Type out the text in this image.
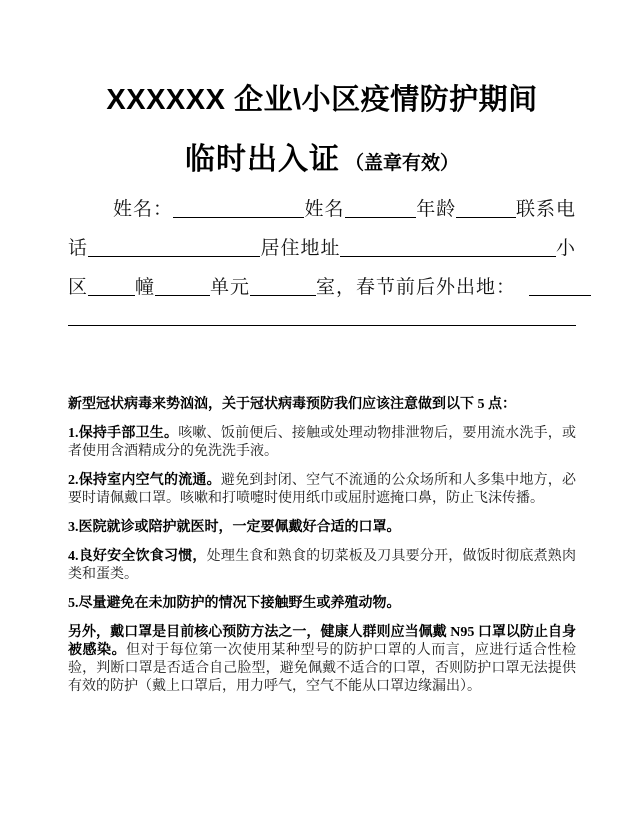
XXXXXX 企业\小区疫情防护期间
临时出入证 （盖章有效）
姓名：	姓名	年龄	联系电
话	居住地址	小
区 幢	单元	室，春节前后外出地：

新型冠状病毒来势汹汹，关于冠状病毒预防我们应该注意做到以下 5 点：

1.保持手部卫生。咳嗽、饭前便后、接触或处理动物排泄物后，要用流水洗手，或者使用含酒精成分的免洗洗手液。

2.保持室内空气的流通。避免到封闭、空气不流通的公众场所和人多集中地方，必要时请佩戴口罩。咳嗽和打喷嚏时使用纸巾或屈肘遮掩口鼻，防止飞沫传播。

3.医院就诊或陪护就医时，一定要佩戴好合适的口罩。

4.良好安全饮食习惯，处理生食和熟食的切菜板及刀具要分开，做饭时彻底煮熟肉类和蛋类。

5.尽量避免在未加防护的情况下接触野生或养殖动物。

另外，戴口罩是目前核心预防方法之一，健康人群则应当佩戴 N95 口罩以防止自身被感染。但对于每位第一次使用某种型号的防护口罩的人而言，应进行适合性检验，判断口罩是否适合自己脸型，避免佩戴不适合的口罩，否则防护口罩无法提供有效的防护（戴上口罩后，用力呼气，空气不能从口罩边缘漏出）。
